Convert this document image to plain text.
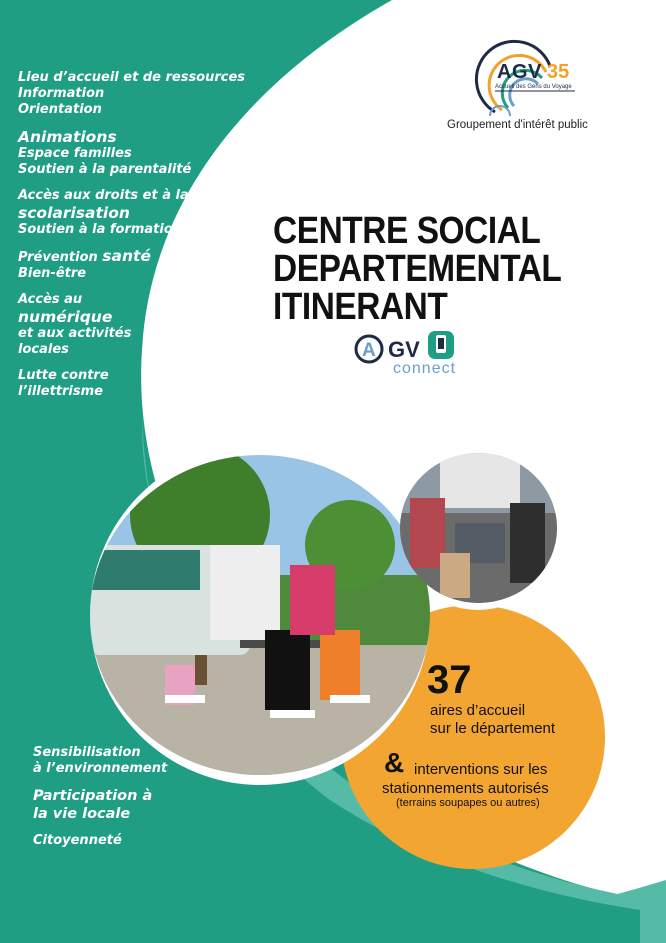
AGV 35
Accueil des Gens du Voyage
Groupement d'intérêt public
CENTRE SOCIAL
DEPARTEMENTAL
ITINERANT
A GV
connect
Lieu d’accueil et de ressources
Information
Orientation
Animations
Espace familles
Soutien à la parentalité
Accès aux droits et à la
scolarisation
Soutien à la formation
Prévention santé
Bien-être
Accès au
numérique
et aux activités
locales
Lutte contre
l’illettrisme
37
aires d’accueil
sur le département
& interventions sur les
stationnements autorisés
(terrains soupapes ou autres)
Sensibilisation
à l’environnement
Participation à
la vie locale
Citoyenneté
